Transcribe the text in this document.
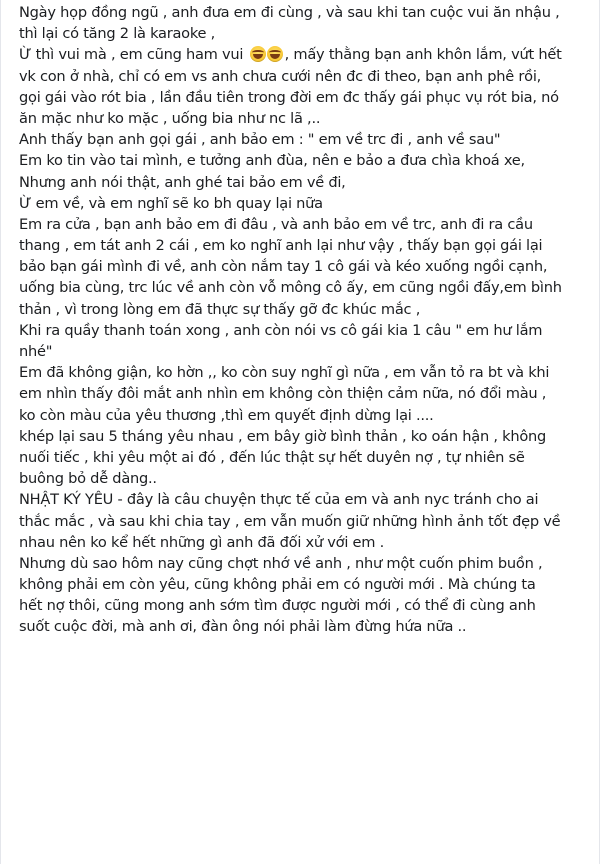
Ngày họp đồng ngũ , anh đưa em đi cùng , và sau khi tan cuộc vui ăn nhậu ,
thì lại có tăng 2 là karaoke ,
Ừ thì vui mà , em cũng ham vui	, mấy thằng bạn anh khôn lắm, vứt hết
vk con ở nhà, chỉ có em vs anh chưa cưới nên đc đi theo, bạn anh phê rồi,
gọi gái vào rót bia , lần đầu tiên trong đời em đc thấy gái phục vụ rót bia, nó
ăn mặc như ko mặc , uống bia như nc lã ,..
Anh thấy bạn anh gọi gái , anh bảo em : " em về trc đi , anh về sau"
Em ko tin vào tai mình, e tưởng anh đùa, nên e bảo a đưa chìa khoá xe,
Nhưng anh nói thật, anh ghé tai bảo em về đi,
Ừ em về, và em nghĩ sẽ ko bh quay lại nữa
Em ra cửa , bạn anh bảo em đi đâu , và anh bảo em về trc, anh đi ra cầu
thang , em tát anh 2 cái , em ko nghĩ anh lại như vậy , thấy bạn gọi gái lại
bảo bạn gái mình đi về, anh còn nắm tay 1 cô gái và kéo xuống ngồi cạnh,
uống bia cùng, trc lúc về anh còn vỗ mông cô ấy, em cũng ngồi đấy,em bình
thản , vì trong lòng em đã thực sự thấy gỡ đc khúc mắc ,
Khi ra quầy thanh toán xong , anh còn nói vs cô gái kia 1 câu " em hư lắm
nhé"
Em đã không giận, ko hờn ,, ko còn suy nghĩ gì nữa , em vẫn tỏ ra bt và khi
em nhìn thấy đôi mắt anh nhìn em không còn thiện cảm nữa, nó đổi màu ,
ko còn màu của yêu thương ,thì em quyết định dừng lại ....
khép lại sau 5 tháng yêu nhau , em bây giờ bình thản , ko oán hận , không
nuối tiếc , khi yêu một ai đó , đến lúc thật sự hết duyên nợ , tự nhiên sẽ
buông bỏ dễ dàng..
NHẬT KÝ YÊU - đây là câu chuyện thực tế của em và anh nyc tránh cho ai
thắc mắc , và sau khi chia tay , em vẫn muốn giữ những hình ảnh tốt đẹp về
nhau nên ko kể hết những gì anh đã đối xử với em .
Nhưng dù sao hôm nay cũng chợt nhớ về anh , như một cuốn phim buồn ,
không phải em còn yêu, cũng không phải em có người mới . Mà chúng ta
hết nợ thôi, cũng mong anh sớm tìm được người mới , có thể đi cùng anh
suốt cuộc đời, mà anh ơi, đàn ông nói phải làm đừng hứa nữa ..
